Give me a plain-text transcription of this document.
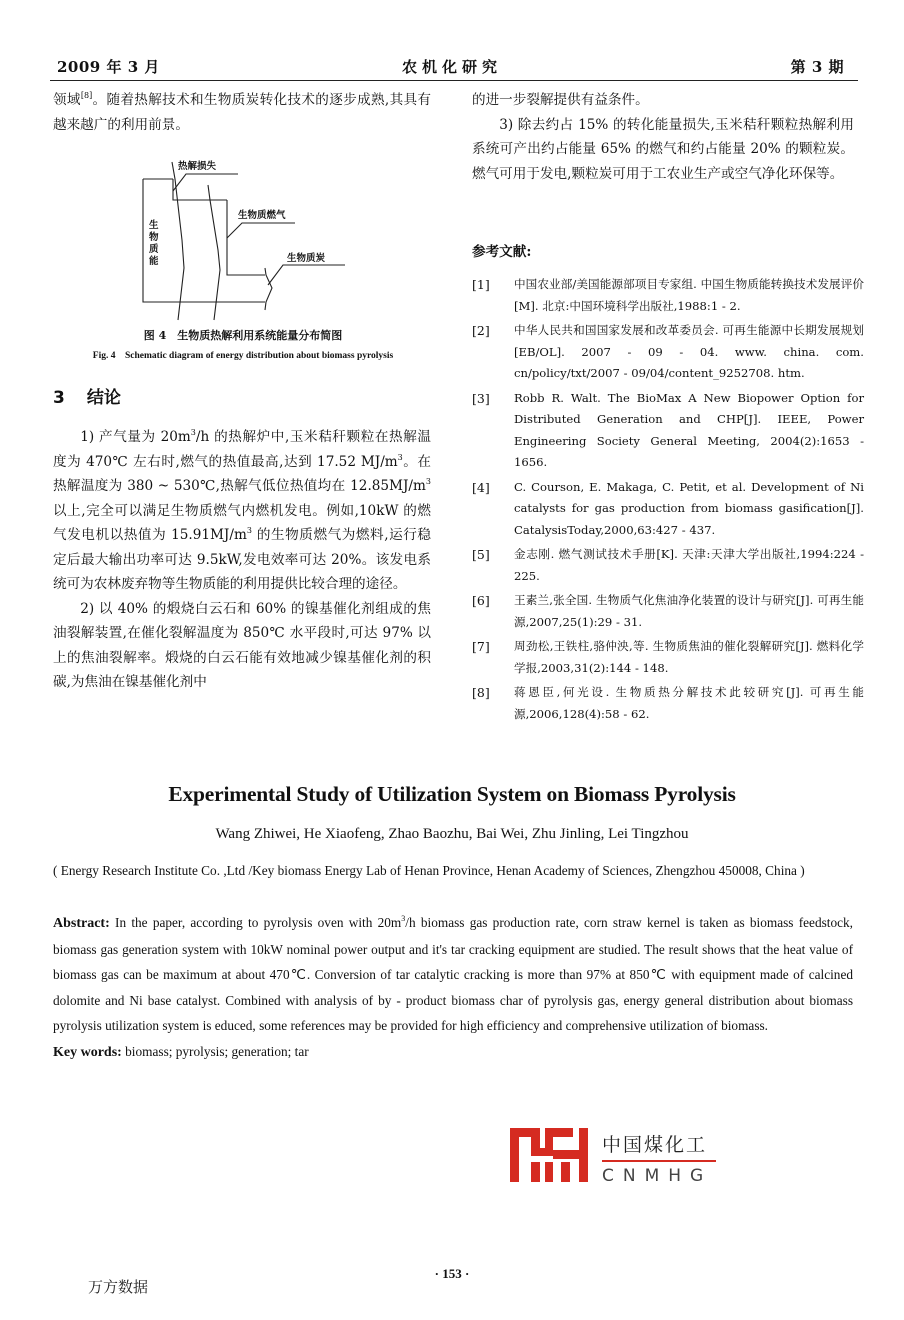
2009 年 3 月	农机化研究	第 3 期

领域[8]。随着热解技术和生物质炭转化技术的逐步成熟,其具有越来越广的利用前景。

热解损失
生物质燃气
生物质炭
生
物
质
能
图 4　生物质热解利用系统能量分布简图
Fig. 4　Schematic diagram of energy distribution about biomass pyrolysis
3 结论

1) 产气量为 $20m^3/h$ 的热解炉中,玉米秸秆颗粒在热解温度为 470℃ 左右时,燃气的热值最高,达到 17.52 $MJ/m^3$。在热解温度为 380 ~ 530℃,热解气低位热值均在 $12.85MJ/m^3$ 以上,完全可以满足生物质燃气内燃机发电。例如,10kW 的燃气发电机以热值为 $15.91MJ/m^3$ 的生物质燃气为燃料,运行稳定后最大输出功率可达 9.5kW,发电效率可达 20%。该发电系统可为农林废弃物等生物质能的利用提供比较合理的途径。

2) 以 40% 的煅烧白云石和 60% 的镍基催化剂组成的焦油裂解装置,在催化裂解温度为 850℃ 水平段时,可达 97% 以上的焦油裂解率。煅烧的白云石能有效地减少镍基催化剂的积碳,为焦油在镍基催化剂中

的进一步裂解提供有益条件。

3) 除去约占 15% 的转化能量损失,玉米秸秆颗粒热解利用系统可产出约占能量 65% 的燃气和约占能量 20% 的颗粒炭。燃气可用于发电,颗粒炭可用于工农业生产或空气净化环保等。

参考文献:
[1] 中国农业部/美国能源部项目专家组. 中国生物质能转换技术发展评价[M]. 北京:中国环境科学出版社,1988:1 - 2.
[2] 中华人民共和国国家发展和改革委员会. 可再生能源中长期发展规划[EB/OL]. 2007 - 09 - 04. www. china. com. cn/policy/txt/2007 - 09/04/content_9252708. htm.
[3] Robb R. Walt. The BioMax A New Biopower Option for Distributed Generation and CHP[J]. IEEE, Power Engineering Society General Meeting, 2004(2):1653 - 1656.
[4] C. Courson, E. Makaga, C. Petit, et al. Development of Ni catalysts for gas production from biomass gasification[J]. CatalysisToday,2000,63:427 - 437.
[5] 金志刚. 燃气测试技术手册[K]. 天津:天津大学出版社,1994:224 - 225.
[6] 王素兰,张全国. 生物质气化焦油净化装置的设计与研究[J]. 可再生能源,2007,25(1):29 - 31.
[7] 周劲松,王铁柱,骆仲泱,等. 生物质焦油的催化裂解研究[J]. 燃料化学学报,2003,31(2):144 - 148.
[8] 蒋恩臣,何光设. 生物质热分解技术此较研究[J]. 可再生能源,2006,128(4):58 - 62.
Experimental Study of Utilization System on Biomass Pyrolysis
Wang Zhiwei, He Xiaofeng, Zhao Baozhu, Bai Wei, Zhu Jinling, Lei Tingzhou
( Energy Research Institute Co. ,Ltd /Key biomass Energy Lab of Henan Province, Henan Academy of Sciences, Zhengzhou 450008, China )
Abstract: In the paper, according to pyrolysis oven with $20m^3/h$ biomass gas production rate, corn straw kernel is taken as biomass feedstock, biomass gas generation system with 10kW nominal power output and it's tar cracking equipment are studied. The result shows that the heat value of biomass gas can be maximum at about 470℃. Conversion of tar catalytic cracking is more than 97% at 850℃ with equipment made of calcined dolomite and Ni base catalyst. Combined with analysis of by - product biomass char of pyrolysis gas, energy general distribution about biomass pyrolysis utilization system is educed, some references may be provided for high efficiency and comprehensive utilization of biomass.
Key words: biomass; pyrolysis; generation; tar
中国煤化工
CNMHG
· 153 ·
万方数据
